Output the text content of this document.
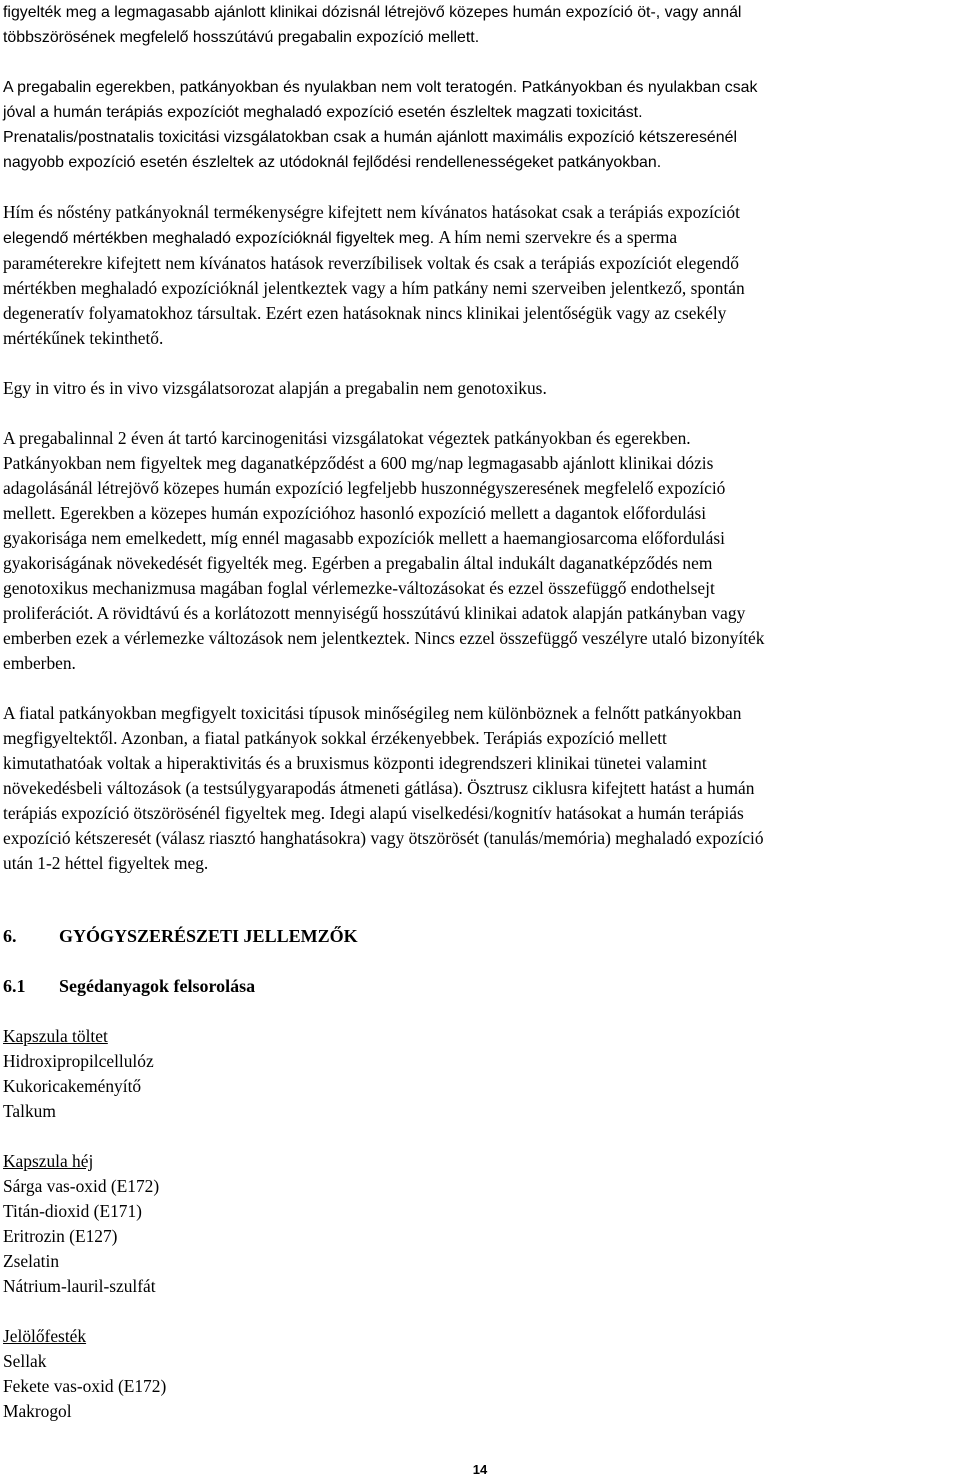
figyelték meg a legmagasabb ajánlott klinikai dózisnál létrejövő közepes humán expozíció öt-, vagy annál
többszörösének megfelelő hosszútávú pregabalin expozíció mellett.
A pregabalin egerekben, patkányokban és nyulakban nem volt teratogén. Patkányokban és nyulakban csak
jóval a humán terápiás expozíciót meghaladó expozíció esetén észleltek magzati toxicitást.
Prenatalis/postnatalis toxicitási vizsgálatokban csak a humán ajánlott maximális expozíció kétszeresénél
nagyobb expozíció esetén észleltek az utódoknál fejlődési rendellenességeket patkányokban.
Hím és nőstény patkányoknál termékenységre kifejtett nem kívánatos hatásokat csak a terápiás expozíciót
elegendő mértékben meghaladó expozícióknál figyeltek meg. A hím nemi szervekre és a sperma
paraméterekre kifejtett nem kívánatos hatások reverzíbilisek voltak és csak a terápiás expozíciót elegendő
mértékben meghaladó expozícióknál jelentkeztek vagy a hím patkány nemi szerveiben jelentkező, spontán
degeneratív folyamatokhoz társultak. Ezért ezen hatásoknak nincs klinikai jelentőségük vagy az csekély
mértékűnek tekinthető.
Egy in vitro és in vivo vizsgálatsorozat alapján a pregabalin nem genotoxikus.
A pregabalinnal 2 éven át tartó karcinogenitási vizsgálatokat végeztek patkányokban és egerekben.
Patkányokban nem figyeltek meg daganatképződést a 600 mg/nap legmagasabb ajánlott klinikai dózis
adagolásánál létrejövő közepes humán expozíció legfeljebb huszonnégyszeresének megfelelő expozíció
mellett. Egerekben a közepes humán expozícióhoz hasonló expozíció mellett a dagantok előfordulási
gyakorisága nem emelkedett, míg ennél magasabb expozíciók mellett a haemangiosarcoma előfordulási
gyakoriságának növekedését figyelték meg. Egérben a pregabalin által indukált daganatképződés nem
genotoxikus mechanizmusa magában foglal vérlemezke-változásokat és ezzel összefüggő endothelsejt
proliferációt. A rövidtávú és a korlátozott mennyiségű hosszútávú klinikai adatok alapján patkányban vagy
emberben ezek a vérlemezke változások nem jelentkeztek. Nincs ezzel összefüggő veszélyre utaló bizonyíték
emberben.
A fiatal patkányokban megfigyelt toxicitási típusok minőségileg nem különböznek a felnőtt patkányokban
megfigyeltektől. Azonban, a fiatal patkányok sokkal érzékenyebbek. Terápiás expozíció mellett
kimutathatóak voltak a hiperaktivitás és a bruxismus központi idegrendszeri klinikai tünetei valamint
növekedésbeli változások (a testsúlygyarapodás átmeneti gátlása). Ösztrusz ciklusra kifejtett hatást a humán
terápiás expozíció ötszörösénél figyeltek meg. Idegi alapú viselkedési/kognitív hatásokat a humán terápiás
expozíció kétszeresét (válasz riasztó hanghatásokra) vagy ötszörösét (tanulás/memória) meghaladó expozíció
után 1-2 héttel figyeltek meg.
6.	GYÓGYSZERÉSZETI JELLEMZŐK
6.1	Segédanyagok felsorolása
Kapszula töltet
Hidroxipropilcellulóz
Kukoricakeményítő
Talkum
Kapszula héj
Sárga vas-oxid (E172)
Titán-dioxid (E171)
Eritrozin (E127)
Zselatin
Nátrium-lauril-szulfát
Jelölőfesték
Sellak
Fekete vas-oxid (E172)
Makrogol
14
